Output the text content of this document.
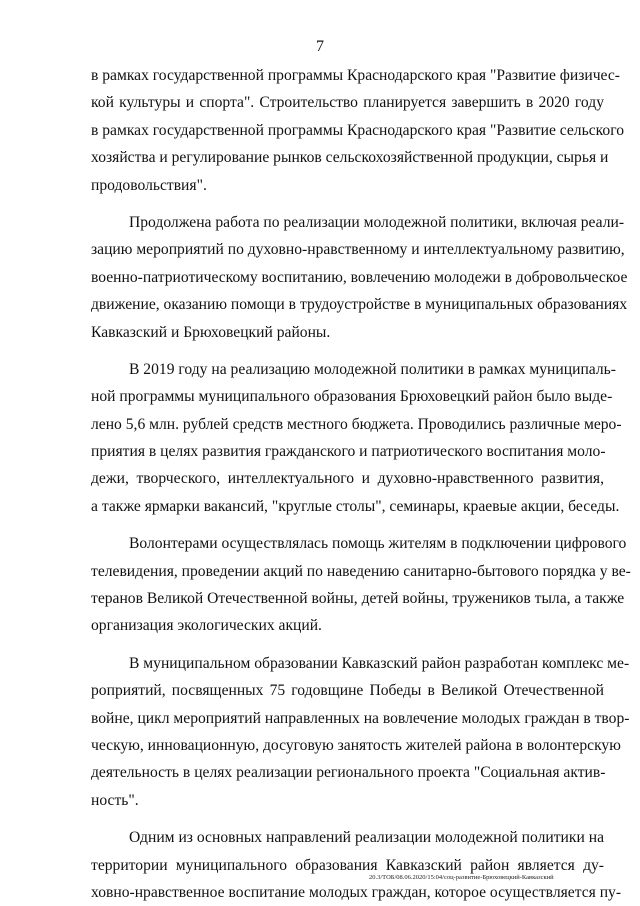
7
в рамках государственной программы Краснодарского края "Развитие физичес-
кой культуры и спорта". Строительство планируется завершить в 2020 году
в рамках государственной программы Краснодарского края "Развитие сельского
хозяйства и регулирование рынков сельскохозяйственной продукции, сырья и
продовольствия".
Продолжена работа по реализации молодежной политики, включая реали-
зацию мероприятий по духовно-нравственному и интеллектуальному развитию,
военно-патриотическому воспитанию, вовлечению молодежи в добровольческое
движение, оказанию помощи в трудоустройстве в муниципальных образованиях
Кавказский и Брюховецкий районы.
В 2019 году на реализацию молодежной политики в рамках муниципаль-
ной программы муниципального образования Брюховецкий район было выде-
лено 5,6 млн. рублей средств местного бюджета. Проводились различные меро-
приятия в целях развития гражданского и патриотического воспитания моло-
дежи, творческого, интеллектуального и духовно-нравственного развития,
а также ярмарки вакансий, "круглые столы", семинары, краевые акции, беседы.
Волонтерами осуществлялась помощь жителям в подключении цифрового
телевидения, проведении акций по наведению санитарно-бытового порядка у ве-
теранов Великой Отечественной войны, детей войны, тружеников тыла, а также
организация экологических акций.
В муниципальном образовании Кавказский район разработан комплекс ме-
роприятий, посвященных 75 годовщине Победы в Великой Отечественной
войне, цикл мероприятий направленных на вовлечение молодых граждан в твор-
ческую, инновационную, досуговую занятость жителей района в волонтерскую
деятельность в целях реализации регионального проекта "Социальная актив-
ность".
Одним из основных направлений реализации молодежной политики на
территории муниципального образования Кавказский район является ду-
ховно-нравственное воспитание молодых граждан, которое осуществляется пу-
20.3/ТОБ/08.06.2020/15:04/соц-развитие-Брюховецкий-Кавказский
